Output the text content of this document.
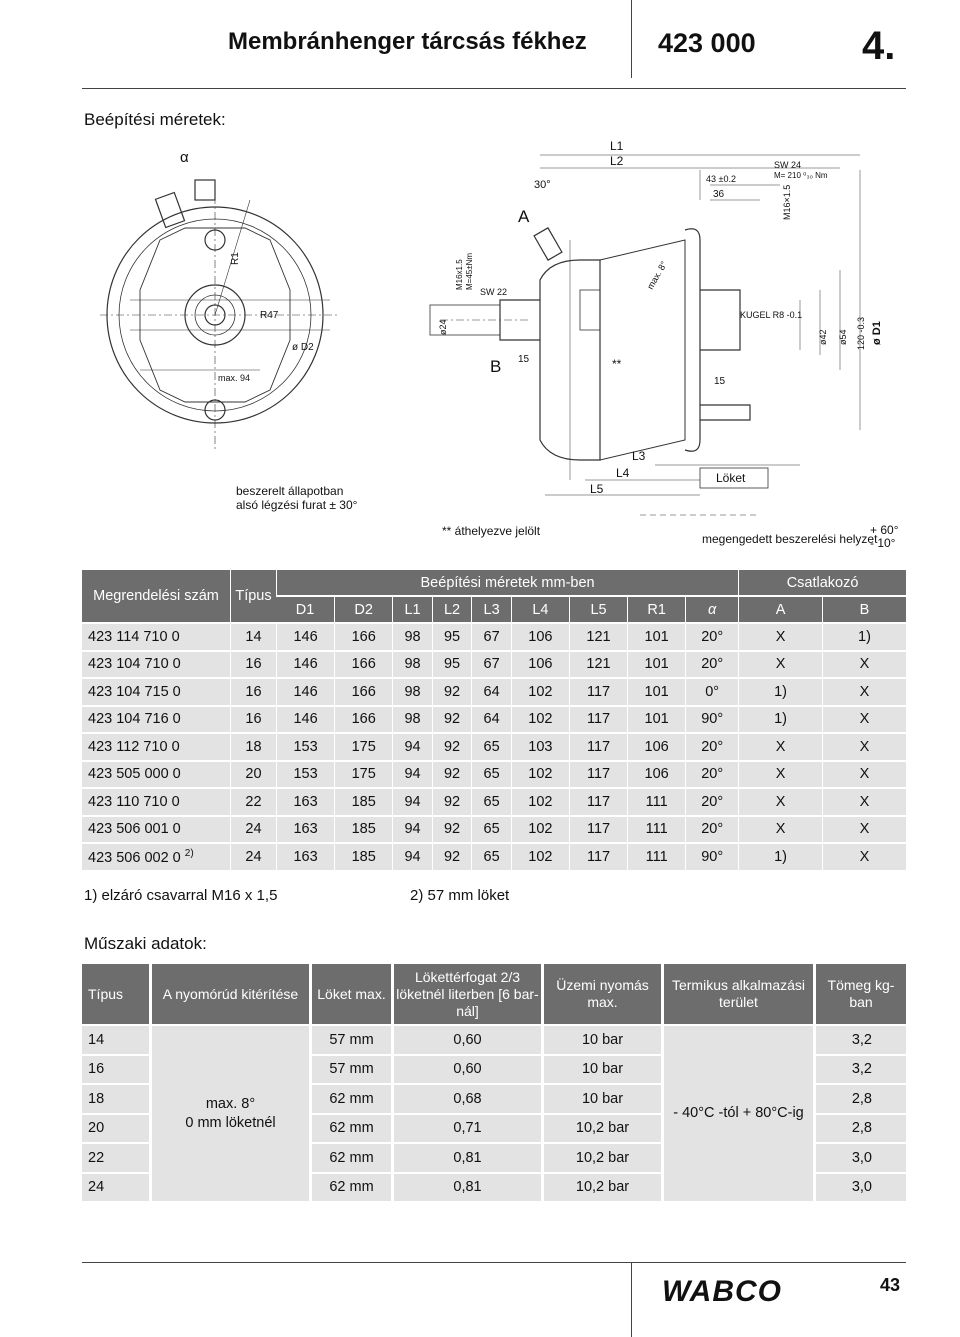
Membránhenger tárcsás fékhez	423 000	4.
Beépítési méretek:
α
L1
L2
L3
L4
L5
A
B
30°
SW 24
M= 210 ⁰₃₀ Nm
43 ±0.2
36	M16×1.5
SW 22
M16x1.5 M=45±Nm
ø24
15
15
KUGEL R8 -0.1
ø42 ø54 120 -0.3 ø D1
R1
R47
ø D2
max. 94
max. 8°
**
Löket
beszerelt állapotban
alsó légzési furat ± 30°
** áthelyezve jelölt
megengedett beszerelési helyzet
+ 60°
- 10°
Megrendelési szám	Típus	Beépítési méretek mm-ben									Csatlakozó	
		D1	D2	L1	L2	L3	L4	L5	R1	α	A	B
423 114 710 0	14	146	166	98	95	67	106	121	101	20°	X	1)
423 104 710 0	16	146	166	98	95	67	106	121	101	20°	X	X
423 104 715 0	16	146	166	98	92	64	102	117	101	0°	1)	X
423 104 716 0	16	146	166	98	92	64	102	117	101	90°	1)	X
423 112 710 0	18	153	175	94	92	65	103	117	106	20°	X	X
423 505 000 0	20	153	175	94	92	65	102	117	106	20°	X	X
423 110 710 0	22	163	185	94	92	65	102	117	111	20°	X	X
423 506 001 0	24	163	185	94	92	65	102	117	111	20°	X	X
423 506 002 0 $^{2)}$	24	163	185	94	92	65	102	117	111	90°	1)	X
1) elzáró csavarral M16 x 1,5	2) 57 mm löket
Műszaki adatok:
Típus	A nyomórúd kitérítése	Löket max.	Lökettérfogat 2/3 löketnél literben [6 bar-nál]	Üzemi nyomás max.	Termikus alkalmazási terület	Tömeg kg-ban
14	max. 8°
0 mm löketnél	57 mm	0,60	10 bar	- 40°C -tól + 80°C-ig	3,2
16		57 mm	0,60	10 bar		3,2
18		62 mm	0,68	10 bar		2,8
20		62 mm	0,71	10,2 bar		2,8
22		62 mm	0,81	10,2 bar		3,0
24		62 mm	0,81	10,2 bar		3,0
WABCO	43
